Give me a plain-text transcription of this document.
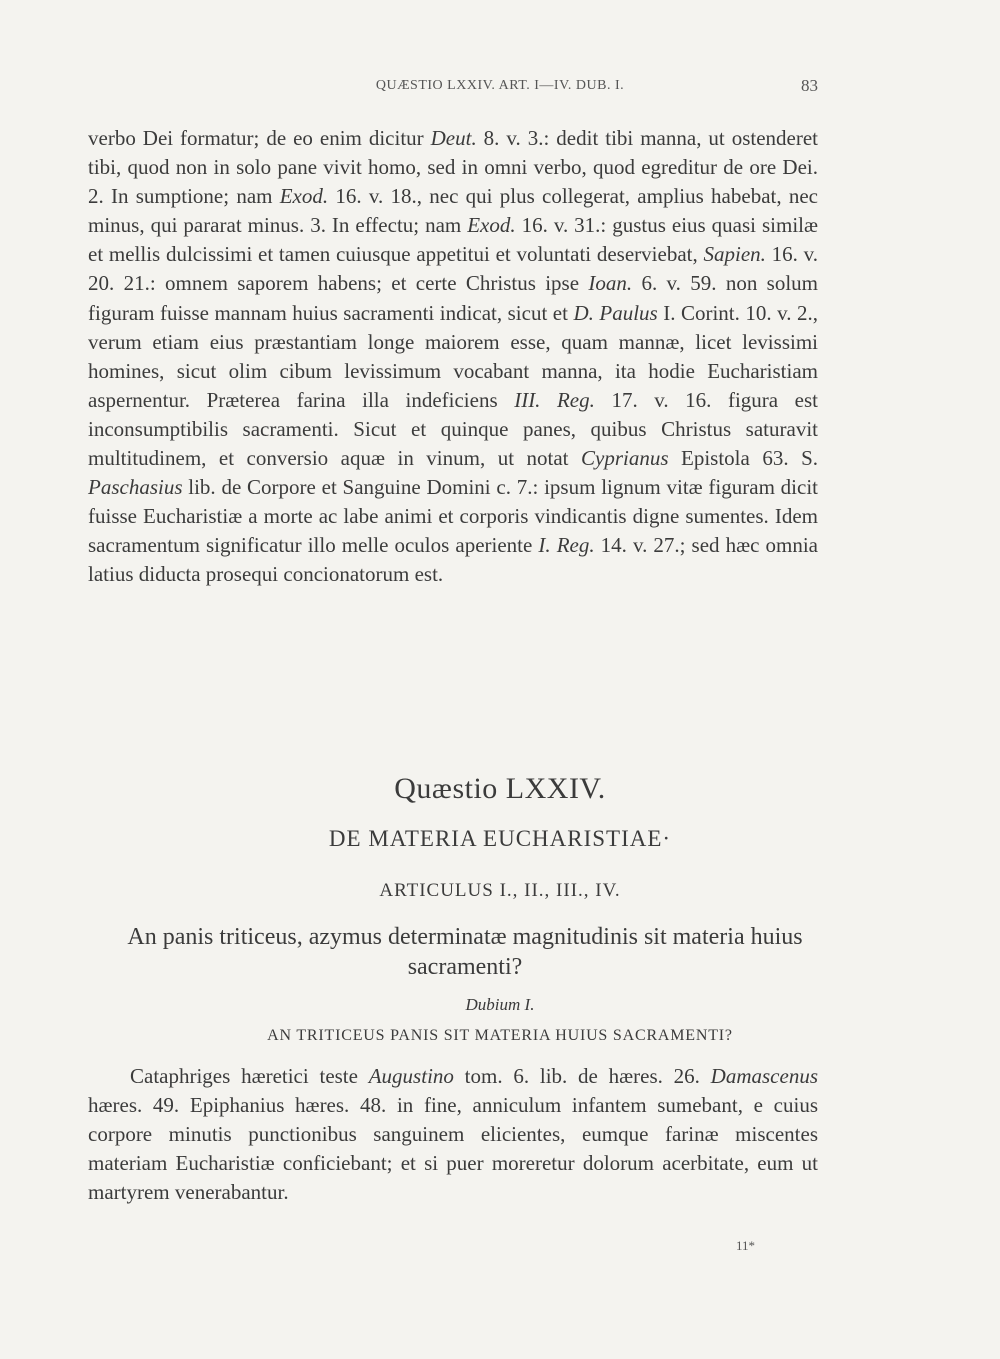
QUÆSTIO LXXIV. ART. I—IV. DUB. I.	83

verbo Dei formatur; de eo enim dicitur Deut. 8. v. 3.: dedit tibi manna, ut ostenderet tibi, quod non in solo pane vivit homo, sed in omni verbo, quod egreditur de ore Dei. 2. In sumptione; nam Exod. 16. v. 18., nec qui plus collegerat, amplius habebat, nec minus, qui pararat minus. 3. In effectu; nam Exod. 16. v. 31.: gustus eius quasi similæ et mellis dulcissimi et tamen cuiusque appetitui et voluntati deserviebat, Sapien. 16. v. 20. 21.: omnem saporem habens; et certe Christus ipse Ioan. 6. v. 59. non solum figuram fuisse mannam huius sacramenti indicat, sicut et D. Paulus I. Corint. 10. v. 2., verum etiam eius præstantiam longe maiorem esse, quam mannæ, licet levissimi homines, sicut olim cibum levissimum vocabant manna, ita hodie Eucharistiam aspernentur. Præterea farina illa indeficiens III. Reg. 17. v. 16. figura est inconsumptibilis sacramenti. Sicut et quinque panes, quibus Christus saturavit multitudinem, et conversio aquæ in vinum, ut notat Cyprianus Epistola 63. S. Paschasius lib. de Corpore et Sanguine Domini c. 7.: ipsum lignum vitæ figuram dicit fuisse Eucharistiæ a morte ac labe animi et corporis vindicantis digne sumentes. Idem sacramentum significatur illo melle oculos aperiente I. Reg. 14. v. 27.; sed hæc omnia latius diducta prosequi concionatorum est.

Quæstio LXXIV.
DE MATERIA EUCHARISTIAE·
ARTICULUS I., II., III., IV.
An panis triticeus, azymus determinatæ magnitudinis sit materia huius sacramenti?
Dubium I.
AN TRITICEUS PANIS SIT MATERIA HUIUS SACRAMENTI?
Cataphriges hæretici teste Augustino tom. 6. lib. de hæres. 26. Damascenus hæres. 49. Epiphanius hæres. 48. in fine, anniculum infantem sumebant, e cuius corpore minutis punctionibus sanguinem elicientes, eumque farinæ miscentes materiam Eucharistiæ conficiebant; et si puer moreretur dolorum acerbitate, eum ut martyrem venerabantur.
11*
